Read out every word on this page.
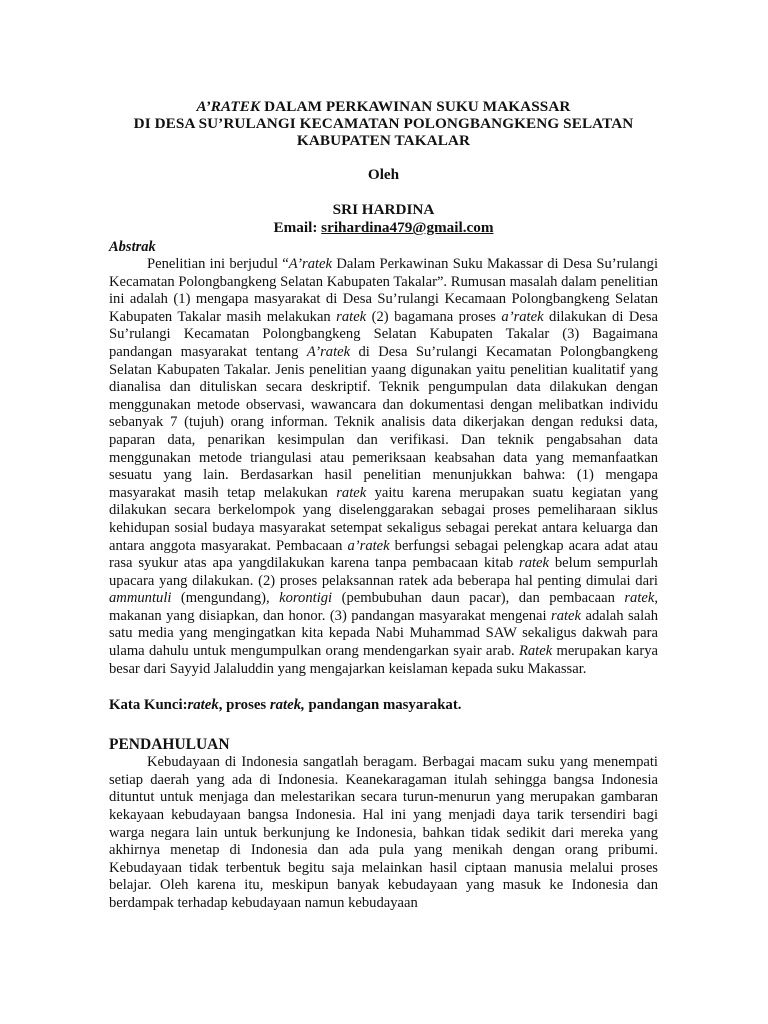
A’RATEK DALAM PERKAWINAN SUKU MAKASSAR
DI DESA SU’RULANGI KECAMATAN POLONGBANGKENG SELATAN
KABUPATEN TAKALAR
Oleh
SRI HARDINA
Email: srihardina479@gmail.com
Abstrak

Penelitian ini berjudul “A’ratek Dalam Perkawinan Suku Makassar di Desa Su’rulangi Kecamatan Polongbangkeng Selatan Kabupaten Takalar”. Rumusan masalah dalam penelitian ini adalah (1) mengapa masyarakat di Desa Su’rulangi Kecamaan Polongbangkeng Selatan Kabupaten Takalar masih melakukan ratek (2) bagamana proses a’ratek dilakukan di Desa Su’rulangi Kecamatan Polongbangkeng Selatan Kabupaten Takalar (3) Bagaimana pandangan masyarakat tentang A’ratek di Desa Su’rulangi Kecamatan Polongbangkeng Selatan Kabupaten Takalar. Jenis penelitian yaang digunakan yaitu penelitian kualitatif yang dianalisa dan dituliskan secara deskriptif. Teknik pengumpulan data dilakukan dengan menggunakan metode observasi, wawancara dan dokumentasi dengan melibatkan individu sebanyak 7 (tujuh) orang informan. Teknik analisis data dikerjakan dengan reduksi data, paparan data, penarikan kesimpulan dan verifikasi. Dan teknik pengabsahan data menggunakan metode triangulasi atau pemeriksaan keabsahan data yang memanfaatkan sesuatu yang lain. Berdasarkan hasil penelitian menunjukkan bahwa: (1) mengapa masyarakat masih tetap melakukan ratek yaitu karena merupakan suatu kegiatan yang dilakukan secara berkelompok yang diselenggarakan sebagai proses pemeliharaan siklus kehidupan sosial budaya masyarakat setempat sekaligus sebagai perekat antara keluarga dan antara anggota masyarakat. Pembacaan a’ratek berfungsi sebagai pelengkap acara adat atau rasa syukur atas apa yangdilakukan karena tanpa pembacaan kitab ratek belum sempurlah upacara yang dilakukan. (2) proses pelaksannan ratek ada beberapa hal penting dimulai dari ammuntuli (mengundang), korontigi (pembubuhan daun pacar), dan pembacaan ratek, makanan yang disiapkan, dan honor. (3) pandangan masyarakat mengenai ratek adalah salah satu media yang mengingatkan kita kepada Nabi Muhammad SAW sekaligus dakwah para ulama dahulu untuk mengumpulkan orang mendengarkan syair arab. Ratek merupakan karya besar dari Sayyid Jalaluddin yang mengajarkan keislaman kepada suku Makassar.

Kata Kunci:ratek, proses ratek, pandangan masyarakat.
PENDAHULUAN

Kebudayaan di Indonesia sangatlah beragam. Berbagai macam suku yang menempati setiap daerah yang ada di Indonesia. Keanekaragaman itulah sehingga bangsa Indonesia dituntut untuk menjaga dan melestarikan secara turun-menurun yang merupakan gambaran kekayaan kebudayaan bangsa Indonesia. Hal ini yang menjadi daya tarik tersendiri bagi warga negara lain untuk berkunjung ke Indonesia, bahkan tidak sedikit dari mereka yang akhirnya menetap di Indonesia dan ada pula yang menikah dengan orang pribumi. Kebudayaan tidak terbentuk begitu saja melainkan hasil ciptaan manusia melalui proses belajar. Oleh karena itu, meskipun banyak kebudayaan yang masuk ke Indonesia dan berdampak terhadap kebudayaan namun kebudayaan
